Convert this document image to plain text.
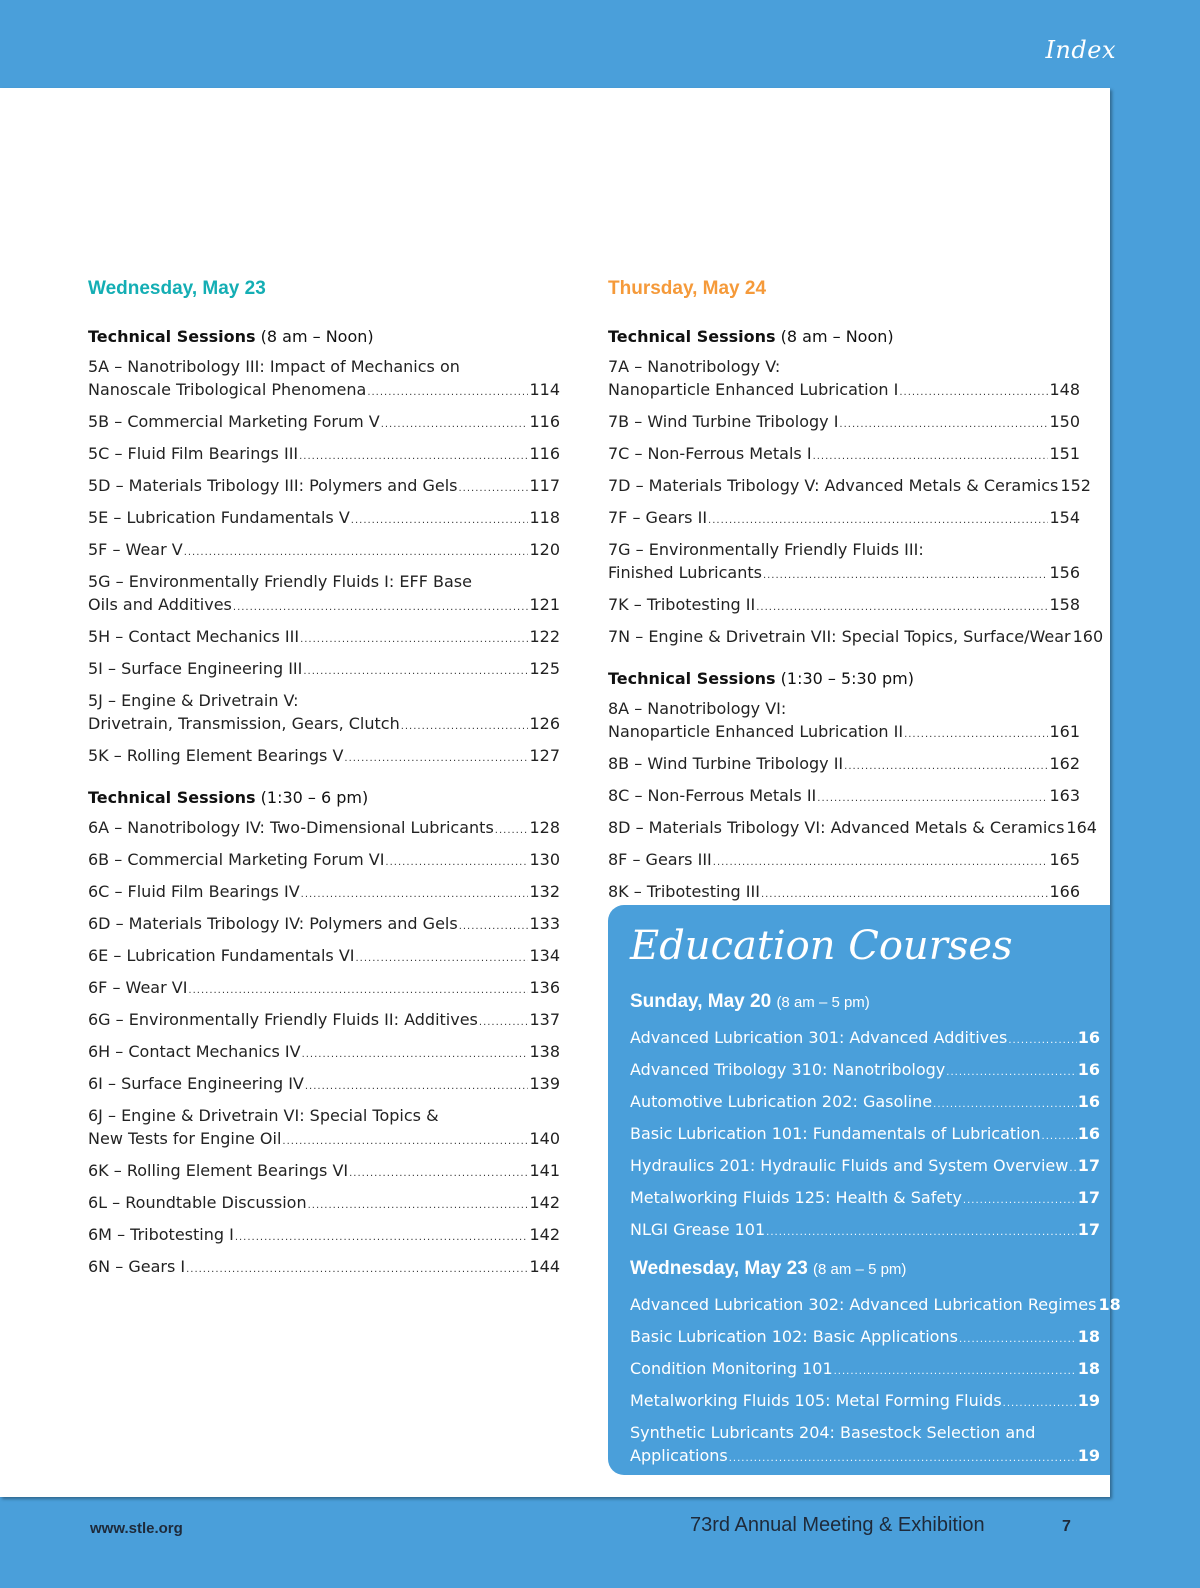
Index
Wednesday, May 23
Technical Sessions (8 am – Noon)
5A – Nanotribology III: Impact of Mechanics on
Nanoscale Tribological Phenomena .....	114
5B – Commercial Marketing Forum V .....	116
5C – Fluid Film Bearings III .....	116
5D – Materials Tribology III: Polymers and Gels .....	117
5E – Lubrication Fundamentals V .....	118
5F – Wear V .....	120
5G – Environmentally Friendly Fluids I: EFF Base
Oils and Additives .....	121
5H – Contact Mechanics III .....	122
5I – Surface Engineering III .....	125
5J – Engine & Drivetrain V:
Drivetrain, Transmission, Gears, Clutch .....	126
5K – Rolling Element Bearings V .....	127
Technical Sessions (1:30 – 6 pm)
6A – Nanotribology IV: Two-Dimensional Lubricants ..... 128
6B – Commercial Marketing Forum VI .....	130
6C – Fluid Film Bearings IV .....	132
6D – Materials Tribology IV: Polymers and Gels .....	133
6E – Lubrication Fundamentals VI .....	134
6F – Wear VI .....	136
6G – Environmentally Friendly Fluids II: Additives .....	137
6H – Contact Mechanics IV .....	138
6I – Surface Engineering IV .....	139
6J – Engine & Drivetrain VI: Special Topics &
New Tests for Engine Oil .....	140
6K – Rolling Element Bearings VI .....	141
6L – Roundtable Discussion .....	142
6M – Tribotesting I .....	142
6N – Gears I .....	144
Thursday, May 24
Technical Sessions (8 am – Noon)
7A – Nanotribology V:
Nanoparticle Enhanced Lubrication I .....	148
7B – Wind Turbine Tribology I .....	150
7C – Non-Ferrous Metals I .....	151
7D – Materials Tribology V: Advanced Metals & Ceramics 152
7F – Gears II .....	154
7G – Environmentally Friendly Fluids III:
Finished Lubricants .....	156
7K – Tribotesting II .....	158
7N – Engine & Drivetrain VII: Special Topics, Surface/Wear 160
Technical Sessions (1:30 – 5:30 pm)
8A – Nanotribology VI:
Nanoparticle Enhanced Lubrication II .....	161
8B – Wind Turbine Tribology II .....	162
8C – Non-Ferrous Metals II .....	163
8D – Materials Tribology VI: Advanced Metals & Ceramics 164
8F – Gears III .....	165
8K – Tribotesting III .....	166
Education Courses
Sunday, May 20 (8 am – 5 pm)
Advanced Lubrication 301: Advanced Additives .....	16
Advanced Tribology 310: Nanotribology .....	16
Automotive Lubrication 202: Gasoline .....	16
Basic Lubrication 101: Fundamentals of Lubrication ..... 16
Hydraulics 201: Hydraulic Fluids and System Overview ..... 17
Metalworking Fluids 125: Health & Safety .....	17
NLGI Grease 101 .....	17
Wednesday, May 23 (8 am – 5 pm)
Advanced Lubrication 302: Advanced Lubrication Regimes 18
Basic Lubrication 102: Basic Applications .....	18
Condition Monitoring 101 .....	18
Metalworking Fluids 105: Metal Forming Fluids .....	19
Synthetic Lubricants 204: Basestock Selection and
Applications .....	19
www.stle.org	73rd Annual Meeting & Exhibition	7
